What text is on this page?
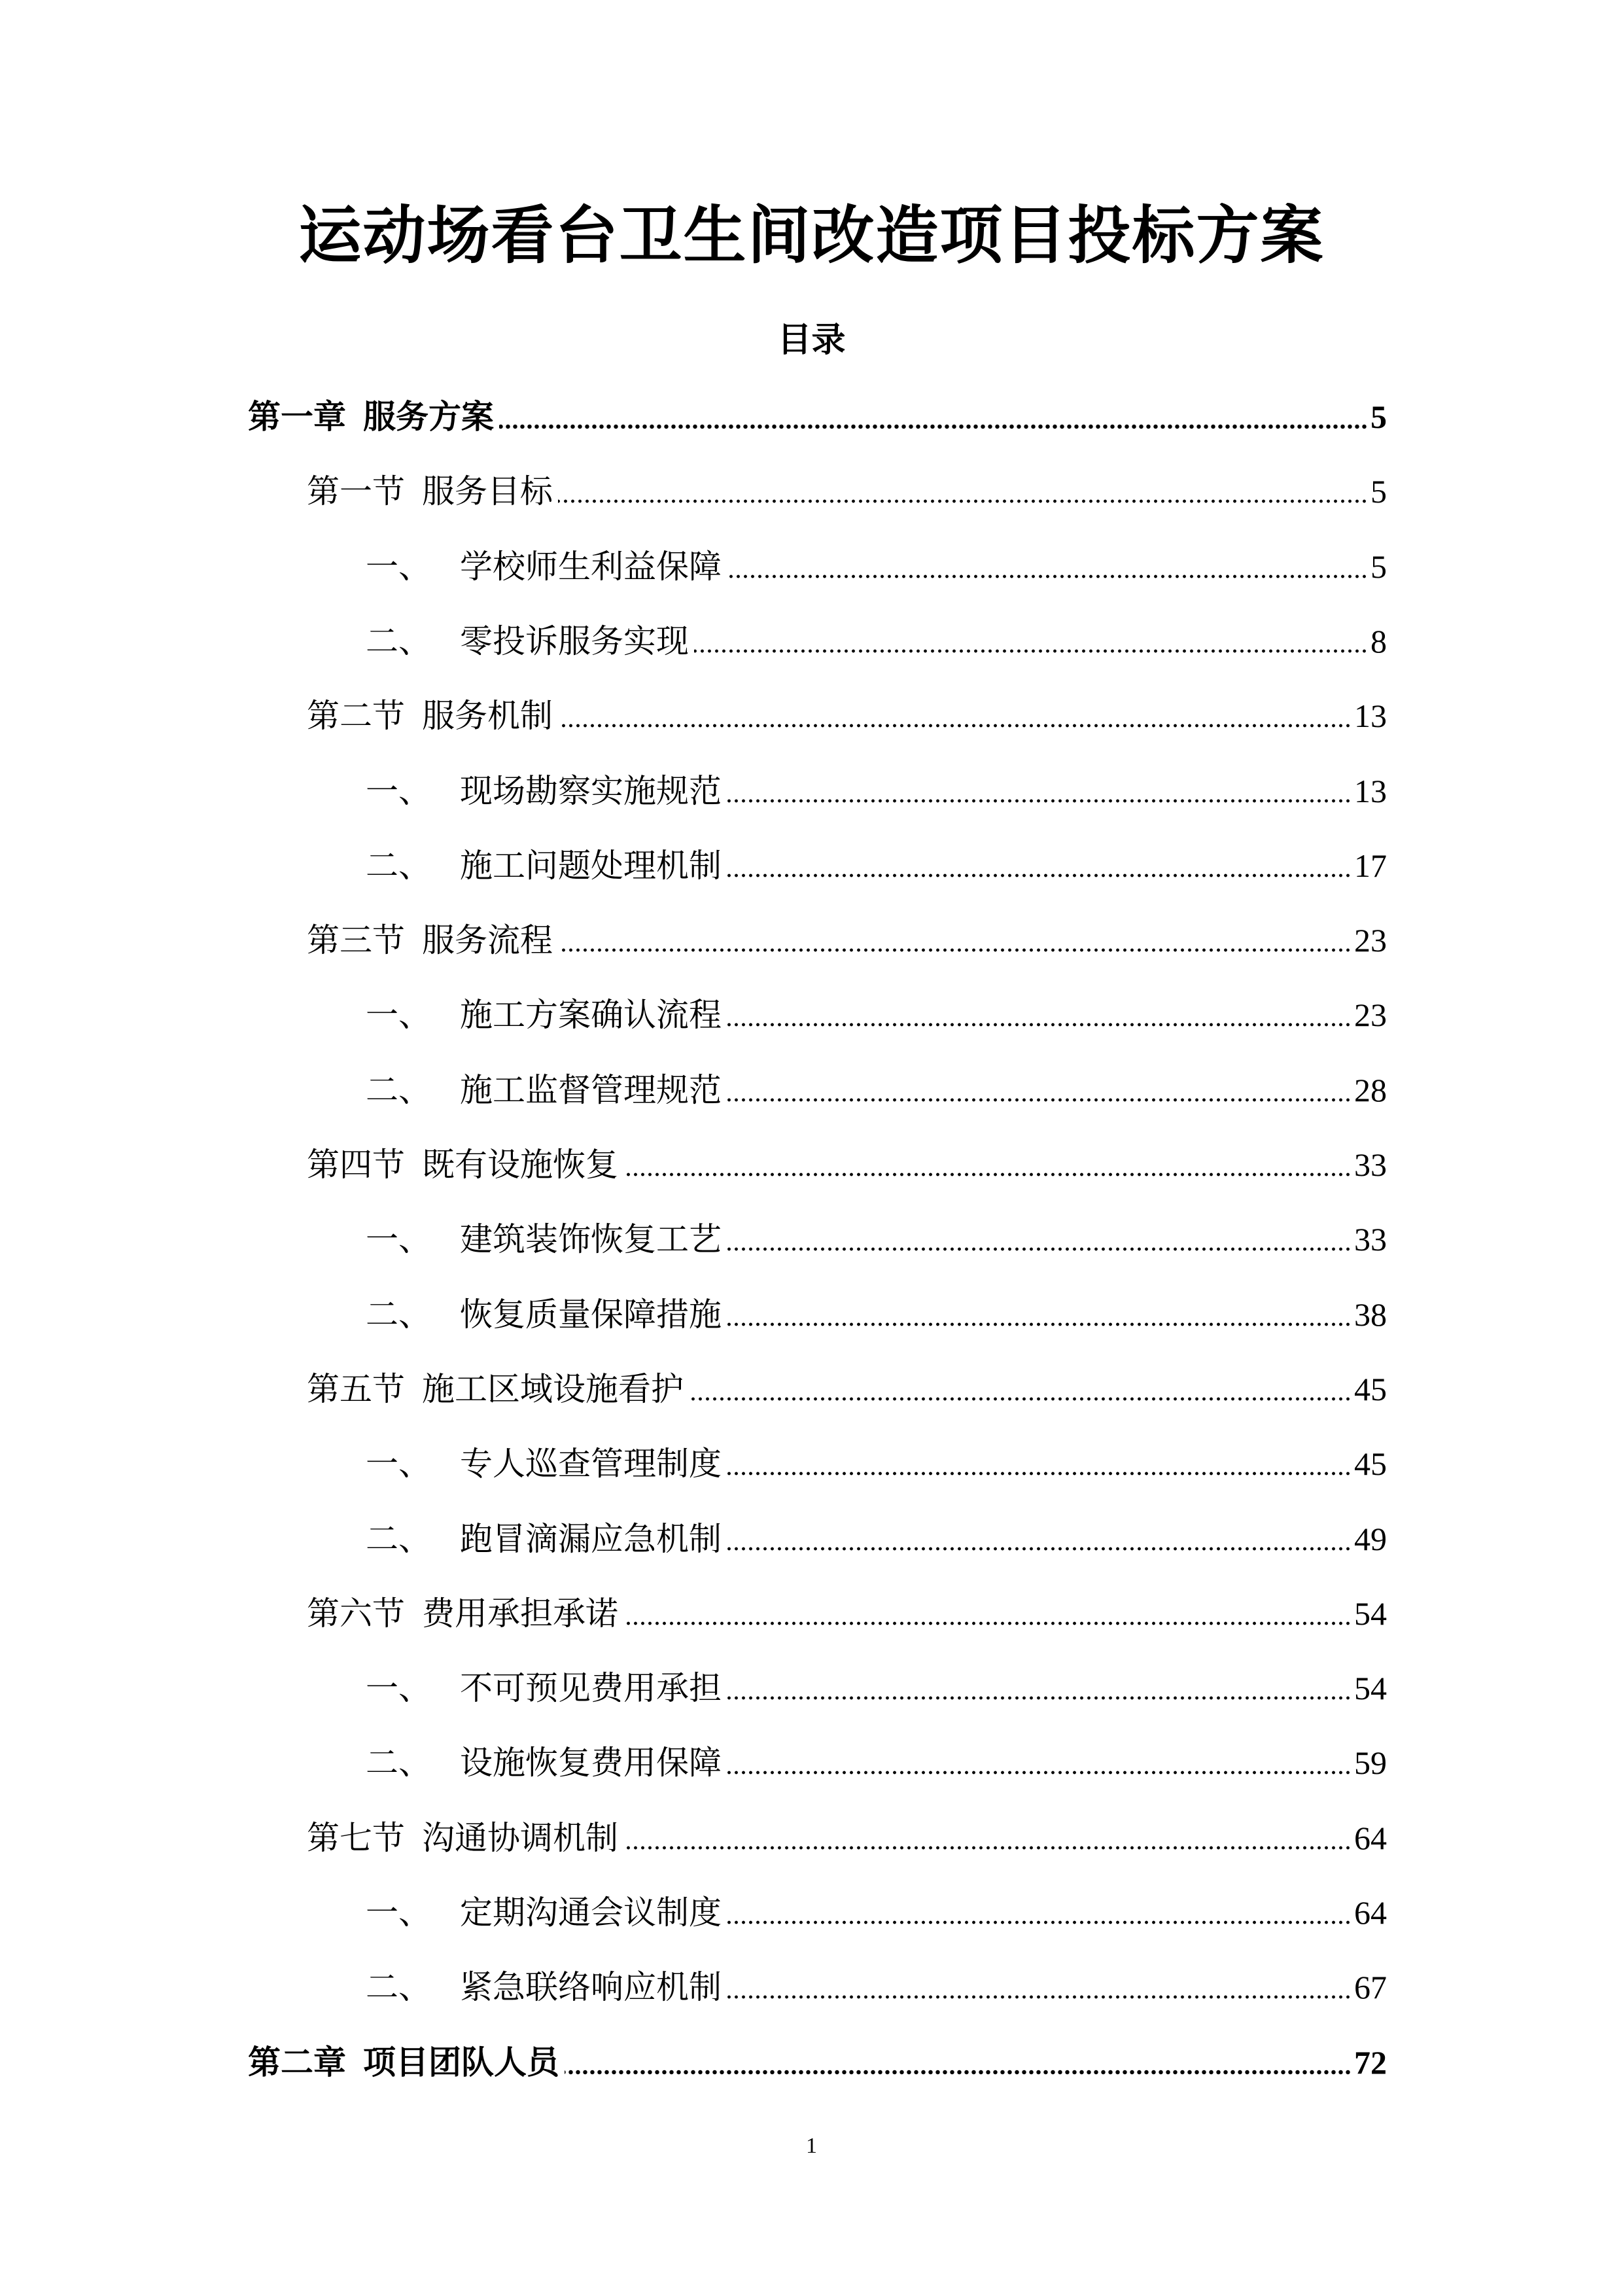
运动场看台卫生间改造项目投标方案
目录
第一章 服务方案	5
第一节 服务目标	5
一、 学校师生利益保障	5
二、 零投诉服务实现	8
第二节 服务机制	13
一、 现场勘察实施规范	13
二、 施工问题处理机制	17
第三节 服务流程	23
一、 施工方案确认流程	23
二、 施工监督管理规范	28
第四节 既有设施恢复	33
一、 建筑装饰恢复工艺	33
二、 恢复质量保障措施	38
第五节 施工区域设施看护	45
一、 专人巡查管理制度	45
二、 跑冒滴漏应急机制	49
第六节 费用承担承诺	54
一、 不可预见费用承担	54
二、 设施恢复费用保障	59
第七节 沟通协调机制	64
一、 定期沟通会议制度	64
二、 紧急联络响应机制	67
第二章 项目团队人员	72
1
